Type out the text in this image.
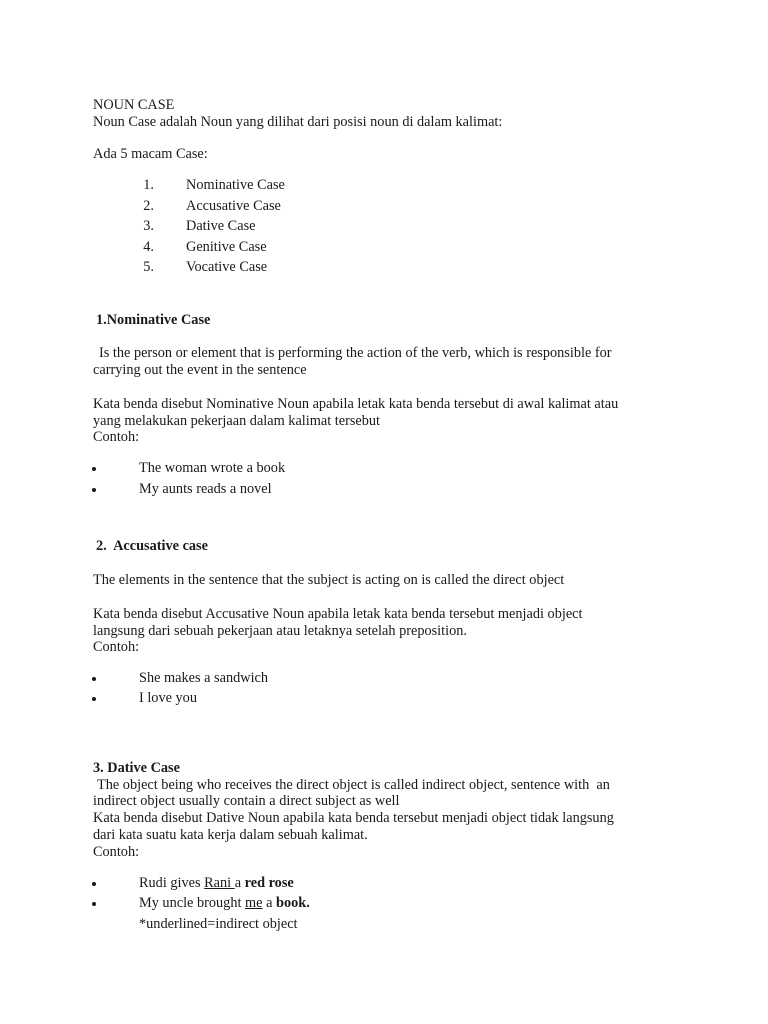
NOUN CASE
Noun Case adalah Noun yang dilihat dari posisi noun di dalam kalimat:
Ada 5 macam Case:
1. Nominative Case
2. Accusative Case
3. Dative Case
4. Genitive Case
5. Vocative Case
1.Nominative Case
Is the person or element that is performing the action of the verb, which is responsible for
carrying out the event in the sentence
Kata benda disebut Nominative Noun apabila letak kata benda tersebut di awal kalimat atau
yang melakukan pekerjaan dalam kalimat tersebut
Contoh:
The woman wrote a book
My aunts reads a novel
2.  Accusative case
The elements in the sentence that the subject is acting on is called the direct object
Kata benda disebut Accusative Noun apabila letak kata benda tersebut menjadi object
langsung dari sebuah pekerjaan atau letaknya setelah preposition.
Contoh:
She makes a sandwich
I love you
3. Dative Case
The object being who receives the direct object is called indirect object, sentence with  an
indirect object usually contain a direct subject as well
Kata benda disebut Dative Noun apabila kata benda tersebut menjadi object tidak langsung
dari kata suatu kata kerja dalam sebuah kalimat.
Contoh:
Rudi gives Rani a red rose
My uncle brought me a book.
*underlined=indirect object
